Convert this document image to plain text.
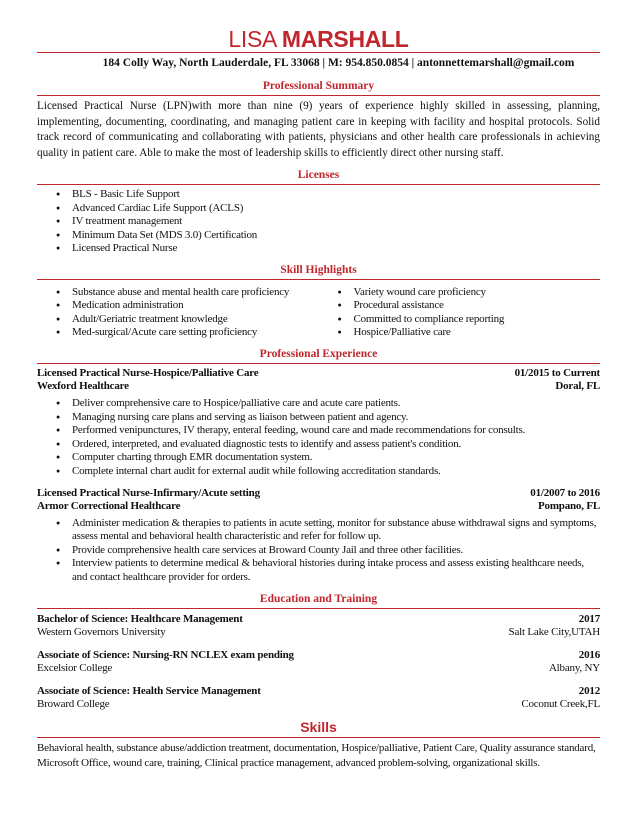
LISA MARSHALL
184 Colly Way, North Lauderdale, FL 33068 | M: 954.850.0854 | antonnettemarshall@gmail.com
Professional Summary
Licensed Practical Nurse (LPN)with more than nine (9) years of experience highly skilled in assessing, planning, implementing, documenting, coordinating, and managing patient care in keeping with facility and hospital protocols. Solid track record of communicating and collaborating with patients, physicians and other health care professionals in achieving quality in patient care. Able to make the most of leadership skills to efficiently direct other nursing staff.
Licenses
● BLS - Basic Life Support
● Advanced Cardiac Life Support (ACLS)
● IV treatment management
● Minimum Data Set (MDS 3.0) Certification
● Licensed Practical Nurse
Skill Highlights
● Substance abuse and mental health care proficiency
● Medication administration
● Adult/Geriatric treatment knowledge
● Med-surgical/Acute care setting proficiency
● Variety wound care proficiency
● Procedural assistance
● Committed to compliance reporting
● Hospice/Palliative care
Professional Experience
Licensed Practical Nurse-Hospice/Palliative Care	01/2015 to Current
Wexford Healthcare	Doral, FL
● Deliver comprehensive care to Hospice/palliative care and acute care patients.
● Managing nursing care plans and serving as liaison between patient and agency.
● Performed venipunctures, IV therapy, enteral feeding, wound care and made recommendations for consults.
● Ordered, interpreted, and evaluated diagnostic tests to identify and assess patient's condition.
● Computer charting through EMR documentation system.
● Complete internal chart audit for external audit while following accreditation standards.
Licensed Practical Nurse-Infirmary/Acute setting	01/2007 to 2016
Armor Correctional Healthcare	Pompano, FL
● Administer medication & therapies to patients in acute setting, monitor for substance abuse withdrawal signs and symptoms, assess mental and behavioral health characteristic and refer for follow up.
● Provide comprehensive health care services at Broward County Jail and three other facilities.
● Interview patients to determine medical & behavioral histories during intake process and assess existing healthcare needs, and contact healthcare provider for orders.
Education and Training
Bachelor of Science: Healthcare Management	2017
Western Governors University	Salt Lake City,UTAH
Associate of Science: Nursing-RN NCLEX exam pending	2016
Excelsior College	Albany, NY
Associate of Science: Health Service Management	2012
Broward College	Coconut Creek,FL
Skills
Behavioral health, substance abuse/addiction treatment, documentation, Hospice/palliative, Patient Care, Quality assurance standard, Microsoft Office, wound care, training, Clinical practice management, advanced problem-solving, organizational skills.
